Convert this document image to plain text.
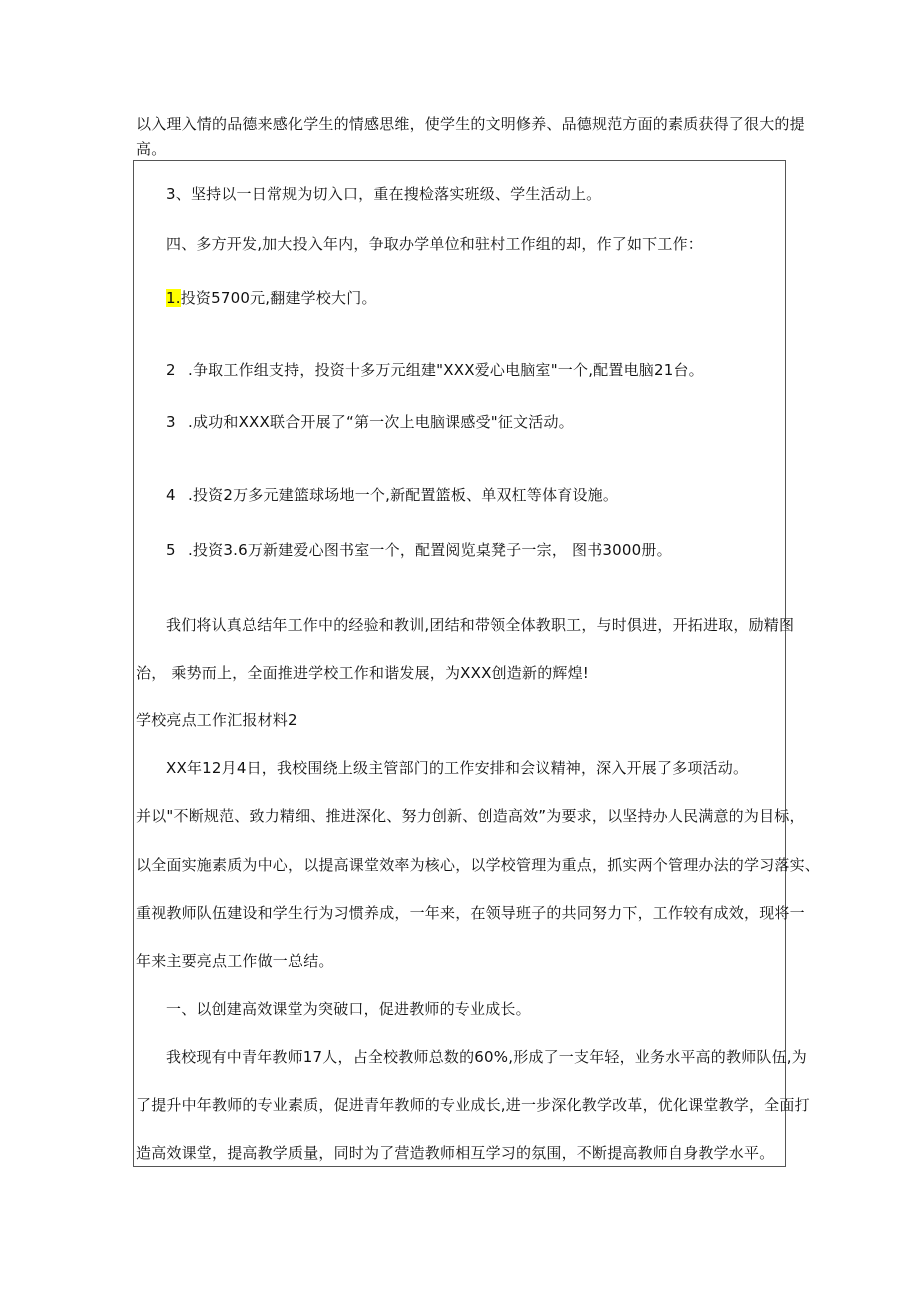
以入理入情的品德来感化学生的情感思维，使学生的文明修养、品德规范方面的素质获得了很大的提
高。
3、坚持以一日常规为切入口，重在搜检落实班级、学生活动上。
四、多方开发,加大投入年内，争取办学单位和驻村工作组的却，作了如下工作：
1.投资5700元,翻建学校大门。
2 .争取工作组支持，投资十多万元组建"XXX爱心电脑室"一个,配置电脑21台。
3 .成功和XXX联合开展了“第一次上电脑课感受"征文活动。
4 .投资2万多元建篮球场地一个,新配置篮板、单双杠等体育设施。
5 .投资3.6万新建爱心图书室一个，配置阅览桌凳子一宗， 图书3000册。
我们将认真总结年工作中的经验和教训,团结和带领全体教职工，与时俱进，开拓进取，励精图
治， 乘势而上，全面推进学校工作和谐发展，为XXX创造新的辉煌!
学校亮点工作汇报材料2
XX年12月4日，我校围绕上级主管部门的工作安排和会议精神，深入开展了多项活动。
并以"不断规范、致力精细、推进深化、努力创新、创造高效”为要求，以坚持办人民满意的为目标，
以全面实施素质为中心，以提高课堂效率为核心，以学校管理为重点，抓实两个管理办法的学习落实、
重视教师队伍建设和学生行为习惯养成，一年来，在领导班子的共同努力下，工作较有成效，现将一
年来主要亮点工作做一总结。
一、以创建高效课堂为突破口，促进教师的专业成长。
我校现有中青年教师17人，占全校教师总数的60%,形成了一支年轻，业务水平高的教师队伍,为
了提升中年教师的专业素质，促进青年教师的专业成长,进一步深化教学改革，优化课堂教学，全面打
造高效课堂，提高教学质量，同时为了营造教师相互学习的氛围，不断提高教师自身教学水平。
